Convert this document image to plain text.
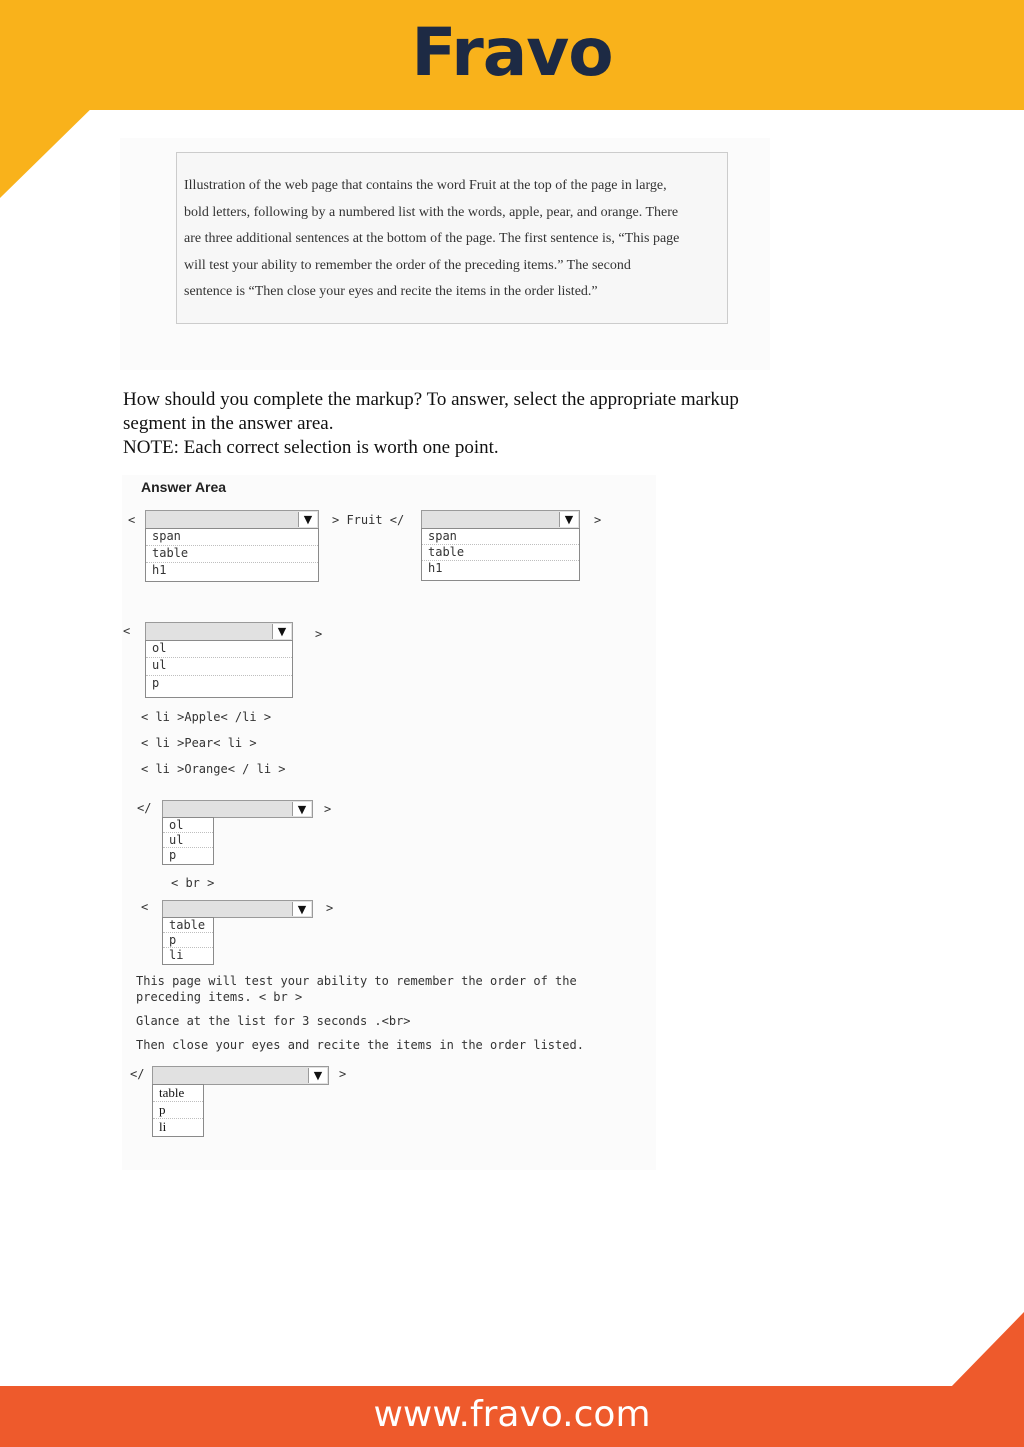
Fravo
Illustration of the web page that contains the word Fruit at the top of the page in large,
bold letters, following by a numbered list with the words, apple, pear, and orange. There
are three additional sentences at the bottom of the page. The first sentence is, “This page
will test your ability to remember the order of the preceding items.” The second
sentence is “Then close your eyes and recite the items in the order listed.”
How should you complete the markup? To answer, select the appropriate markup
segment in the answer area.
NOTE: Each correct selection is worth one point.
Answer Area
<	▼
span
table
h1
> Fruit </	▼
span
table
h1
>
<	▼	>
ol
ul
p
< li >Apple< /li >
< li >Pear< li >
< li >Orange< / li >
</	▼	>
ol
ul
p
< br >
<	▼	>
table
p
li
This page will test your ability to remember the order of the
preceding items. < br >
Glance at the list for 3 seconds .<br>
Then close your eyes and recite the items in the order listed.
</	▼	>
table
p
li
www.fravo.com
